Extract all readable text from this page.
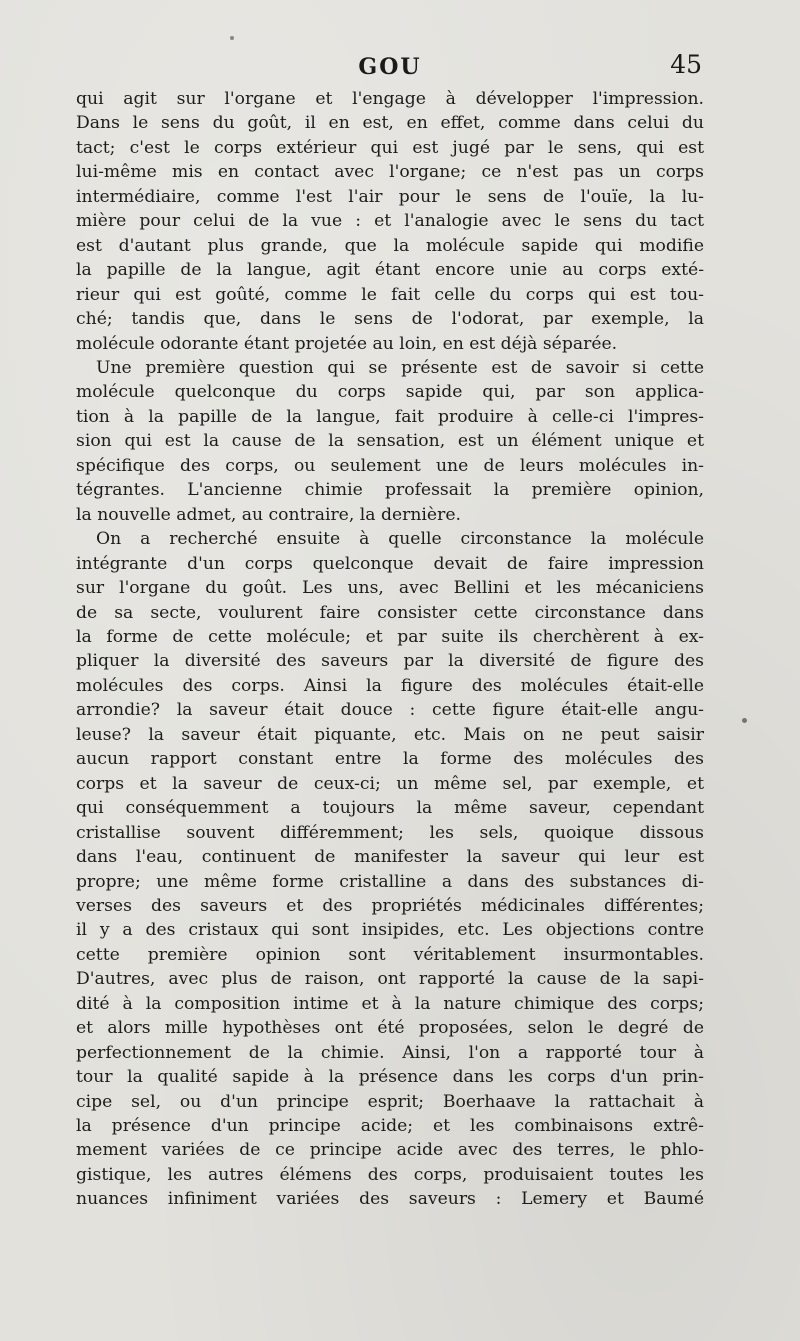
GOU	45
qui agit sur l'organe et l'engage à développer l'impression.
Dans le sens du goût, il en est, en effet, comme dans celui du
tact; c'est le corps extérieur qui est jugé par le sens, qui est
lui-même mis en contact avec l'organe; ce n'est pas un corps
intermédiaire, comme l'est l'air pour le sens de l'ouïe, la lu-
mière pour celui de la vue : et l'analogie avec le sens du tact
est d'autant plus grande, que la molécule sapide qui modifie
la papille de la langue, agit étant encore unie au corps exté-
rieur qui est goûté, comme le fait celle du corps qui est tou-
ché; tandis que, dans le sens de l'odorat, par exemple, la
molécule odorante étant projetée au loin, en est déjà séparée.
Une première question qui se présente est de savoir si cette
molécule quelconque du corps sapide qui, par son applica-
tion à la papille de la langue, fait produire à celle-ci l'impres-
sion qui est la cause de la sensation, est un élément unique et
spécifique des corps, ou seulement une de leurs molécules in-
tégrantes. L'ancienne chimie professait la première opinion,
la nouvelle admet, au contraire, la dernière.
On a recherché ensuite à quelle circonstance la molécule
intégrante d'un corps quelconque devait de faire impression
sur l'organe du goût. Les uns, avec Bellini et les mécaniciens
de sa secte, voulurent faire consister cette circonstance dans
la forme de cette molécule; et par suite ils cherchèrent à ex-
pliquer la diversité des saveurs par la diversité de figure des
molécules des corps. Ainsi la figure des molécules était-elle
arrondie? la saveur était douce : cette figure était-elle angu-
leuse? la saveur était piquante, etc. Mais on ne peut saisir
aucun rapport constant entre la forme des molécules des
corps et la saveur de ceux-ci; un même sel, par exemple, et
qui conséquemment a toujours la même saveur, cependant
cristallise souvent différemment; les sels, quoique dissous
dans l'eau, continuent de manifester la saveur qui leur est
propre; une même forme cristalline a dans des substances di-
verses des saveurs et des propriétés médicinales différentes;
il y a des cristaux qui sont insipides, etc. Les objections contre
cette première opinion sont véritablement insurmontables.
D'autres, avec plus de raison, ont rapporté la cause de la sapi-
dité à la composition intime et à la nature chimique des corps;
et alors mille hypothèses ont été proposées, selon le degré de
perfectionnement de la chimie. Ainsi, l'on a rapporté tour à
tour la qualité sapide à la présence dans les corps d'un prin-
cipe sel, ou d'un principe esprit; Boerhaave la rattachait à
la présence d'un principe acide; et les combinaisons extrê-
mement variées de ce principe acide avec des terres, le phlo-
gistique, les autres élémens des corps, produisaient toutes les
nuances infiniment variées des saveurs : Lemery et Baumé
